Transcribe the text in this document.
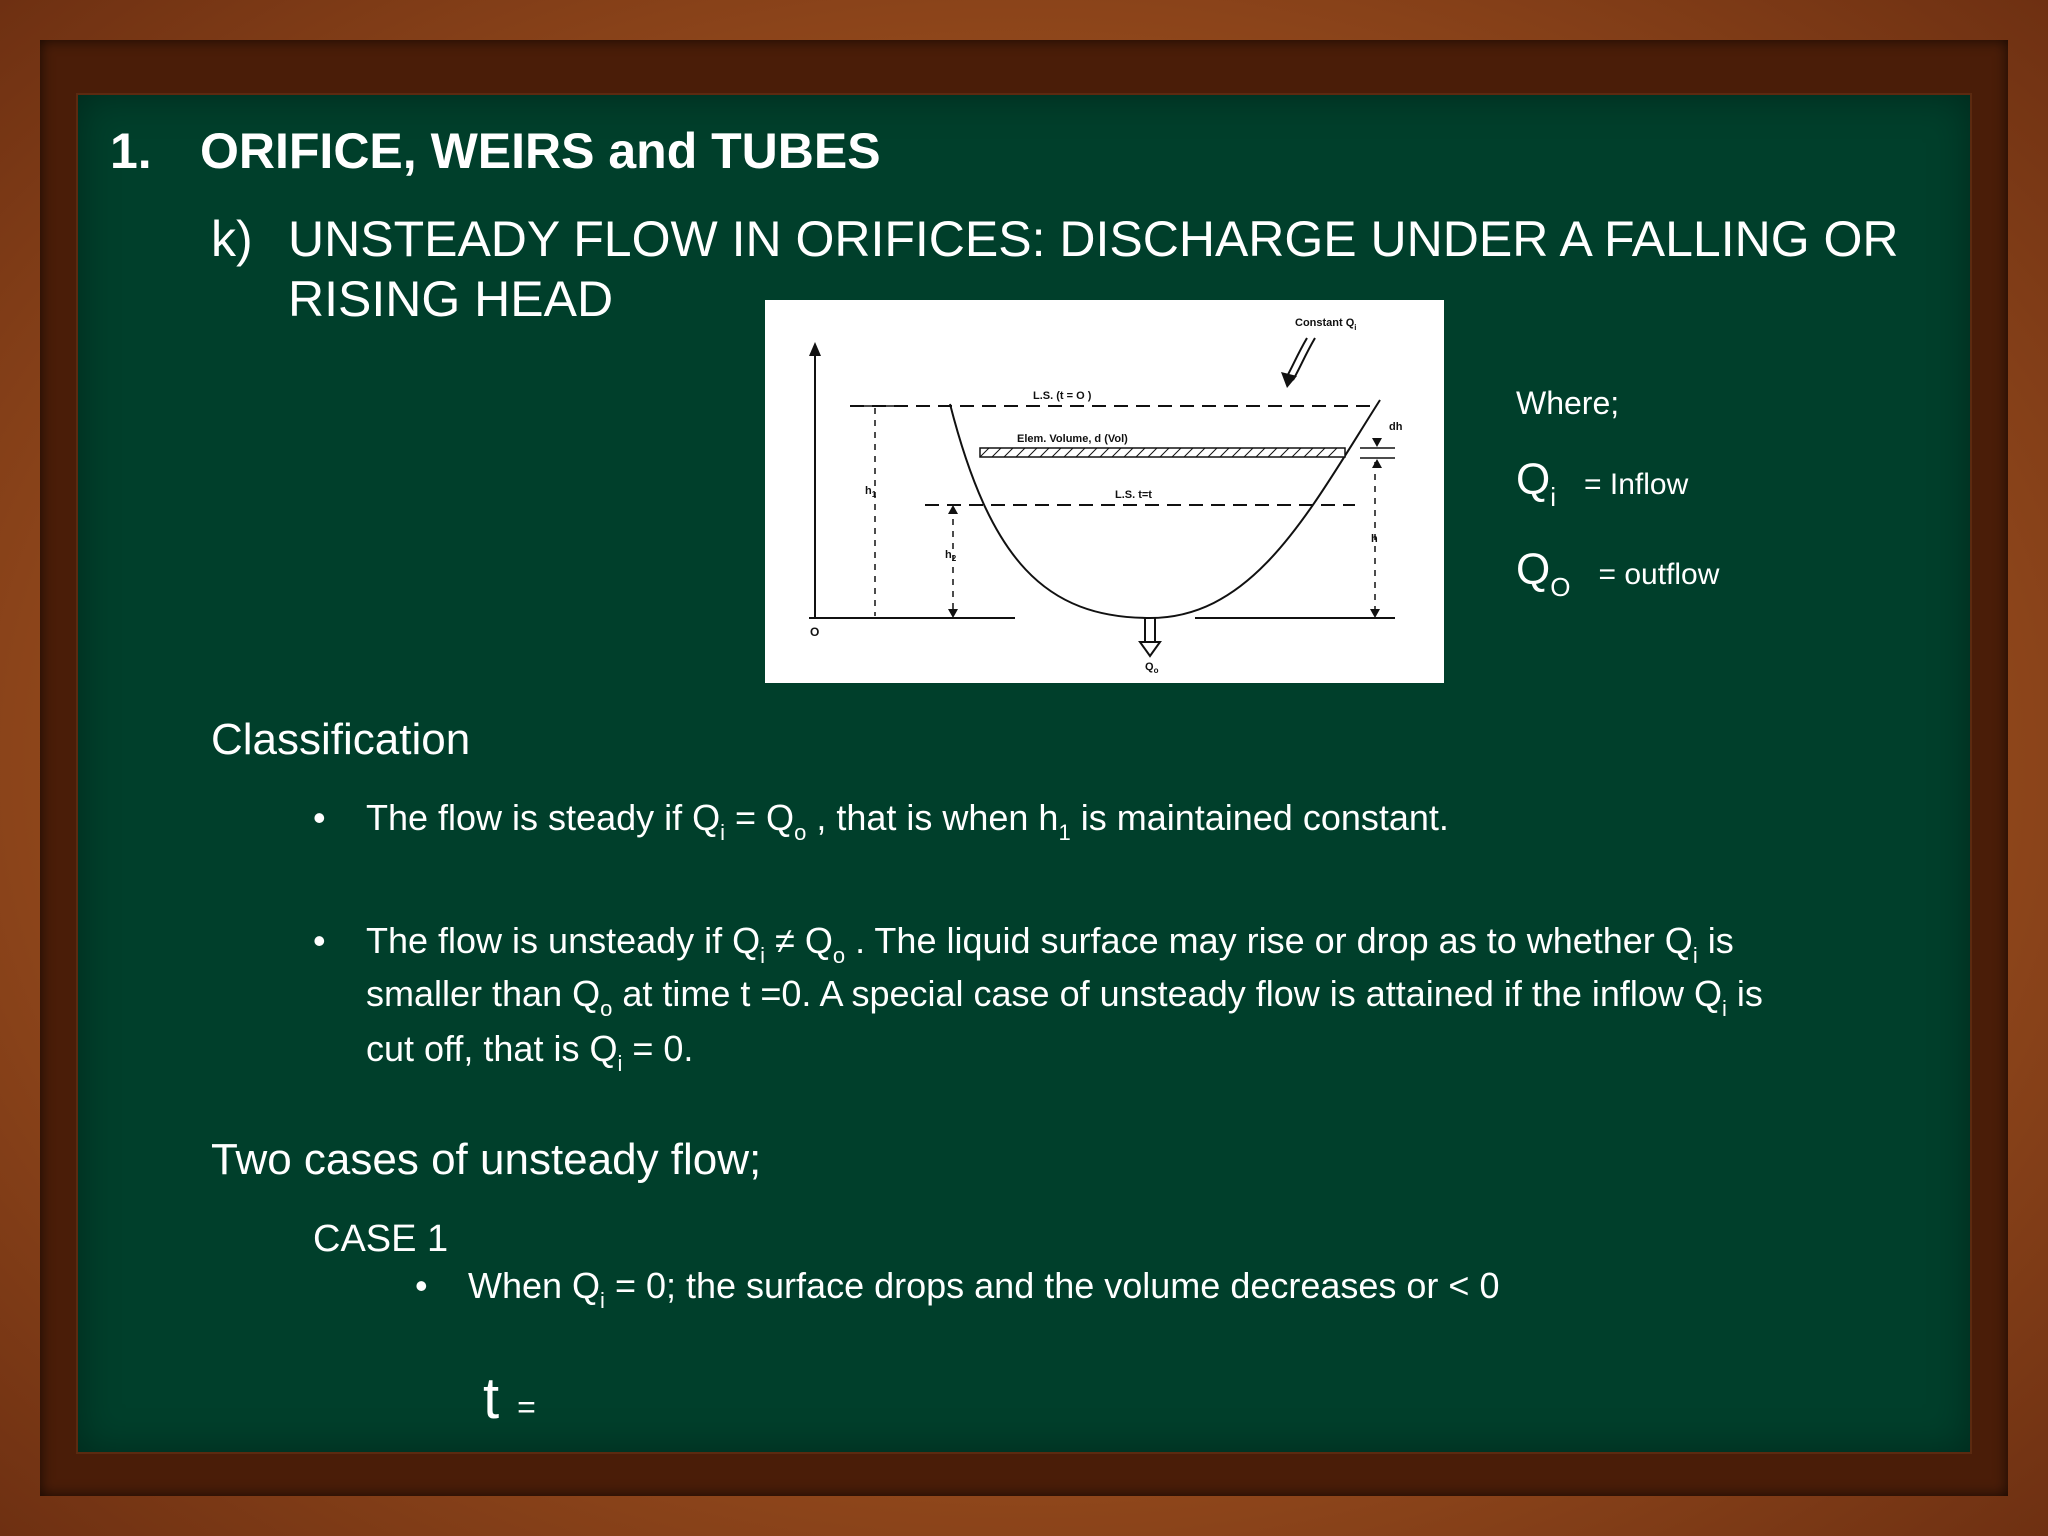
1. ORIFICE, WEIRS and TUBES
k) UNSTEADY FLOW IN ORIFICES: DISCHARGE UNDER A FALLING OR
RISING HEAD	Constant $Q_i$
L.S. (t = O )
Elem. Volume, d (Vol)
L.S. t=t
$h_1$
$h_2$
h
dh
O
$Q_o$
Where;
Qi = Inflow
QO = outflow
Classification
• The flow is steady if $Q_i = Q_o$ , that is when $h_1$ is maintained constant.
• The flow is unsteady if $Q_i \ne Q_o$ . The liquid surface may rise or drop as to whether $Q_i$ is
smaller than $Q_o$ at time t =0. A special case of unsteady flow is attained if the inflow $Q_i$ is
cut off, that is $Q_i = 0$.
Two cases of unsteady flow;
CASE 1
• When $Q_i = 0$; the surface drops and the volume decreases or < 0
t =
